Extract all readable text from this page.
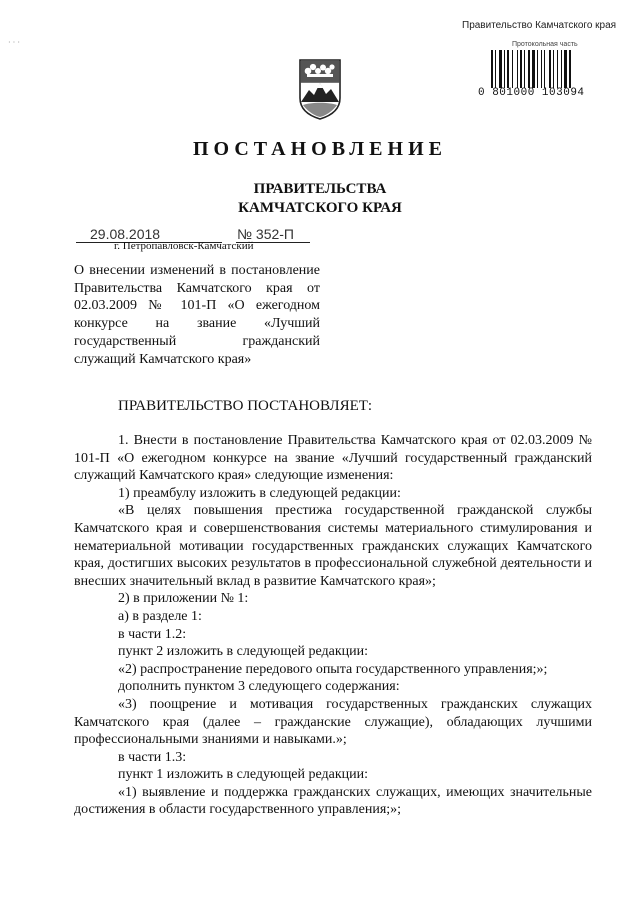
· · ·
Правительство Камчатского края
Протокольная часть
0 801000 103094
ПОСТАНОВЛЕНИЕ
ПРАВИТЕЛЬСТВА
КАМЧАТСКОГО КРАЯ
29.08.2018	№ 352-П
г. Петропавловск-Камчатский
О внесении изменений в постановление Правительства Камчатского края от 02.03.2009 № 101-П «О ежегодном конкурсе на звание «Лучший государственный гражданский служащий Камчатского края»
ПРАВИТЕЛЬСТВО ПОСТАНОВЛЯЕТ:

1. Внести в постановление Правительства Камчатского края от 02.03.2009 № 101-П «О ежегодном конкурсе на звание «Лучший государственный гражданский служащий Камчатского края» следующие изменения:

1) преамбулу изложить в следующей редакции:

«В целях повышения престижа государственной гражданской службы Камчатского края и совершенствования системы материального стимулирования и нематериальной мотивации государственных гражданских служащих Камчатского края, достигших высоких результатов в профессиональной служебной деятельности и внесших значительный вклад в развитие Камчатского края»;

2) в приложении № 1:

а) в разделе 1:

в части 1.2:

пункт 2 изложить в следующей редакции:

«2) распространение передового опыта государственного управления;»;

дополнить пунктом 3 следующего содержания:

«3) поощрение и мотивация государственных гражданских служащих Камчатского края (далее – гражданские служащие), обладающих лучшими профессиональными знаниями и навыками.»;

в части 1.3:

пункт 1 изложить в следующей редакции:

«1) выявление и поддержка гражданских служащих, имеющих значительные достижения в области государственного управления;»;
